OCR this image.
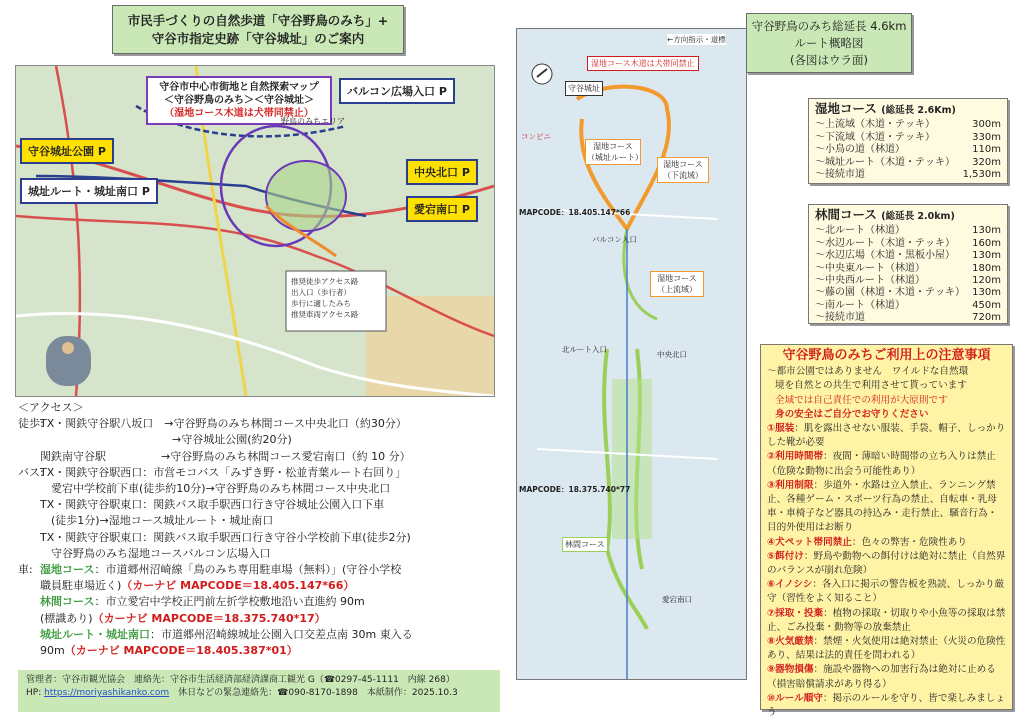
市民手づくりの自然歩道「守谷野鳥のみち」+
守谷市指定史跡「守谷城址」のご案内
守谷市中心市街地と自然探索マップ
＜守谷野鳥のみち＞＜守谷城址＞
（湿地コース木道は犬帯同禁止）
守谷城址公園 P
城址ルート・城址南口 P
バルコン広場入口 P
中央北口 P
愛宕南口 P
野鳥のみちエリア
推奨徒歩アクセス路
出入口（歩行者）
歩行に適したみち
推奨車両アクセス路
＜アクセス＞
徒歩:TX・関鉄守谷駅八坂口　→守谷野鳥のみち林間コース中央北口（約30分）
　　　　　　　　　　　　→守谷城址公園(約20分)
関鉄南守谷駅　　　　　→守谷野鳥のみち林間コース愛宕南口（約 10 分）
バス:TX・関鉄守谷駅西口：市営モコバス「みずき野・松並青葉ルート右回り」
　愛宕中学校前下車(徒歩約10分)→守谷野鳥のみち林間コース中央北口
TX・関鉄守谷駅東口：関鉄バス取手駅西口行き守谷城址公園入口下車
　(徒歩1分)→湿地コース城址ルート・城址南口
TX・関鉄守谷駅東口：関鉄バス取手駅西口行き守谷小学校前下車(徒歩2分)
　守谷野鳥のみち湿地コースバルコン広場入口
車: 湿地コース：市道郷州沼崎線「鳥のみち専用駐車場（無料）」(守谷小学校
職員駐車場近く)（カーナビ MAPCODE＝18.405.147*66）
林間コース：市立愛宕中学校正門前左折学校敷地沿い直進約 90m
(標識あり)（カーナビ MAPCODE＝18.375.740*17）
城址ルート・城址南口：市道郷州沼崎線城址公園入口交差点南 30m 東入る
90m（カーナビ MAPCODE＝18.405.387*01）
管理者：守谷市観光協会　連絡先：守谷市生活経済部経済課商工観光 G（☎0297-45-1111　内線 268）
HP: https://moriyashikanko.com　休日などの緊急連絡先：☎090-8170-1898　本紙制作：2025.10.3
湿地コース木道は犬帯同禁止
←方向指示・道標
守谷城址
湿地コース（城址ルート）
湿地コース（下流域）
湿地コース（上流域）
林間コース
バルコン入口
北ルート入口
中央北口
愛宕南口
MAPCODE：18.405.147*66
MAPCODE：18.375.740*77
コンビニ
守谷野鳥のみち総延長 4.6km
ルート概略図
(各図はウラ面)
湿地コース (総延長 2.6Km)
～上流域（木道・テッキ）	300m
～下流域（木道・テッキ）	330m
～小鳥の道（林道）	110m
～城址ルート（木道・テッキ） 320m
～接続市道	1,530m
林間コース (総延長 2.0km)
～北ルート（林道）	130m
～水辺ルート（木道・テッキ） 160m
～水辺広場（木道・黒板小屋） 130m
～中央東ルート（林道）	180m
～中央西ルート（林道）	120m
～藤の園（林道・木道・テッキ） 130m
～南ルート（林道）	450m
～接続市道	720m
守谷野鳥のみちご利用上の注意事項
～都市公園ではありません　ワイルドな自然環
境を自然との共生で利用させて貰っています
全域では自己責任での利用が大原則です
身の安全はご自分でお守りください
①服装：肌を露出させない服装、手袋、帽子、しっかりした靴が必要
②利用時間帯：夜間・薄暗い時間帯の立ち入りは禁止（危険な動物に出会う可能性あり）
③利用制限：歩道外・水路は立入禁止、ランニング禁止、各種ゲーム・スポーツ行為の禁止、自転車・乳母車・車椅子など器具の持込み・走行禁止、騒音行為・目的外使用はお断り
④犬ペット帯同禁止：色々の弊害・危険性あり
⑤餌付け：野鳥や動物への餌付けは絶対に禁止（自然界のバランスが崩れ危険）
⑥イノシシ：各入口に掲示の警告板を熟読、しっかり厳守（習性をよく知ること）
⑦採取・投棄：植物の採取・切取りや小魚等の採取は禁止、ごみ投棄・動物等の放棄禁止
⑧火気厳禁：禁煙・火気使用は絶対禁止（火災の危険性あり、結果は法的責任を問われる）
⑨器物損傷：施設や器物への加害行為は絶対に止める（損害賠償請求があり得る）
⑩ルール順守：掲示のルールを守り、皆で楽しみましょう
